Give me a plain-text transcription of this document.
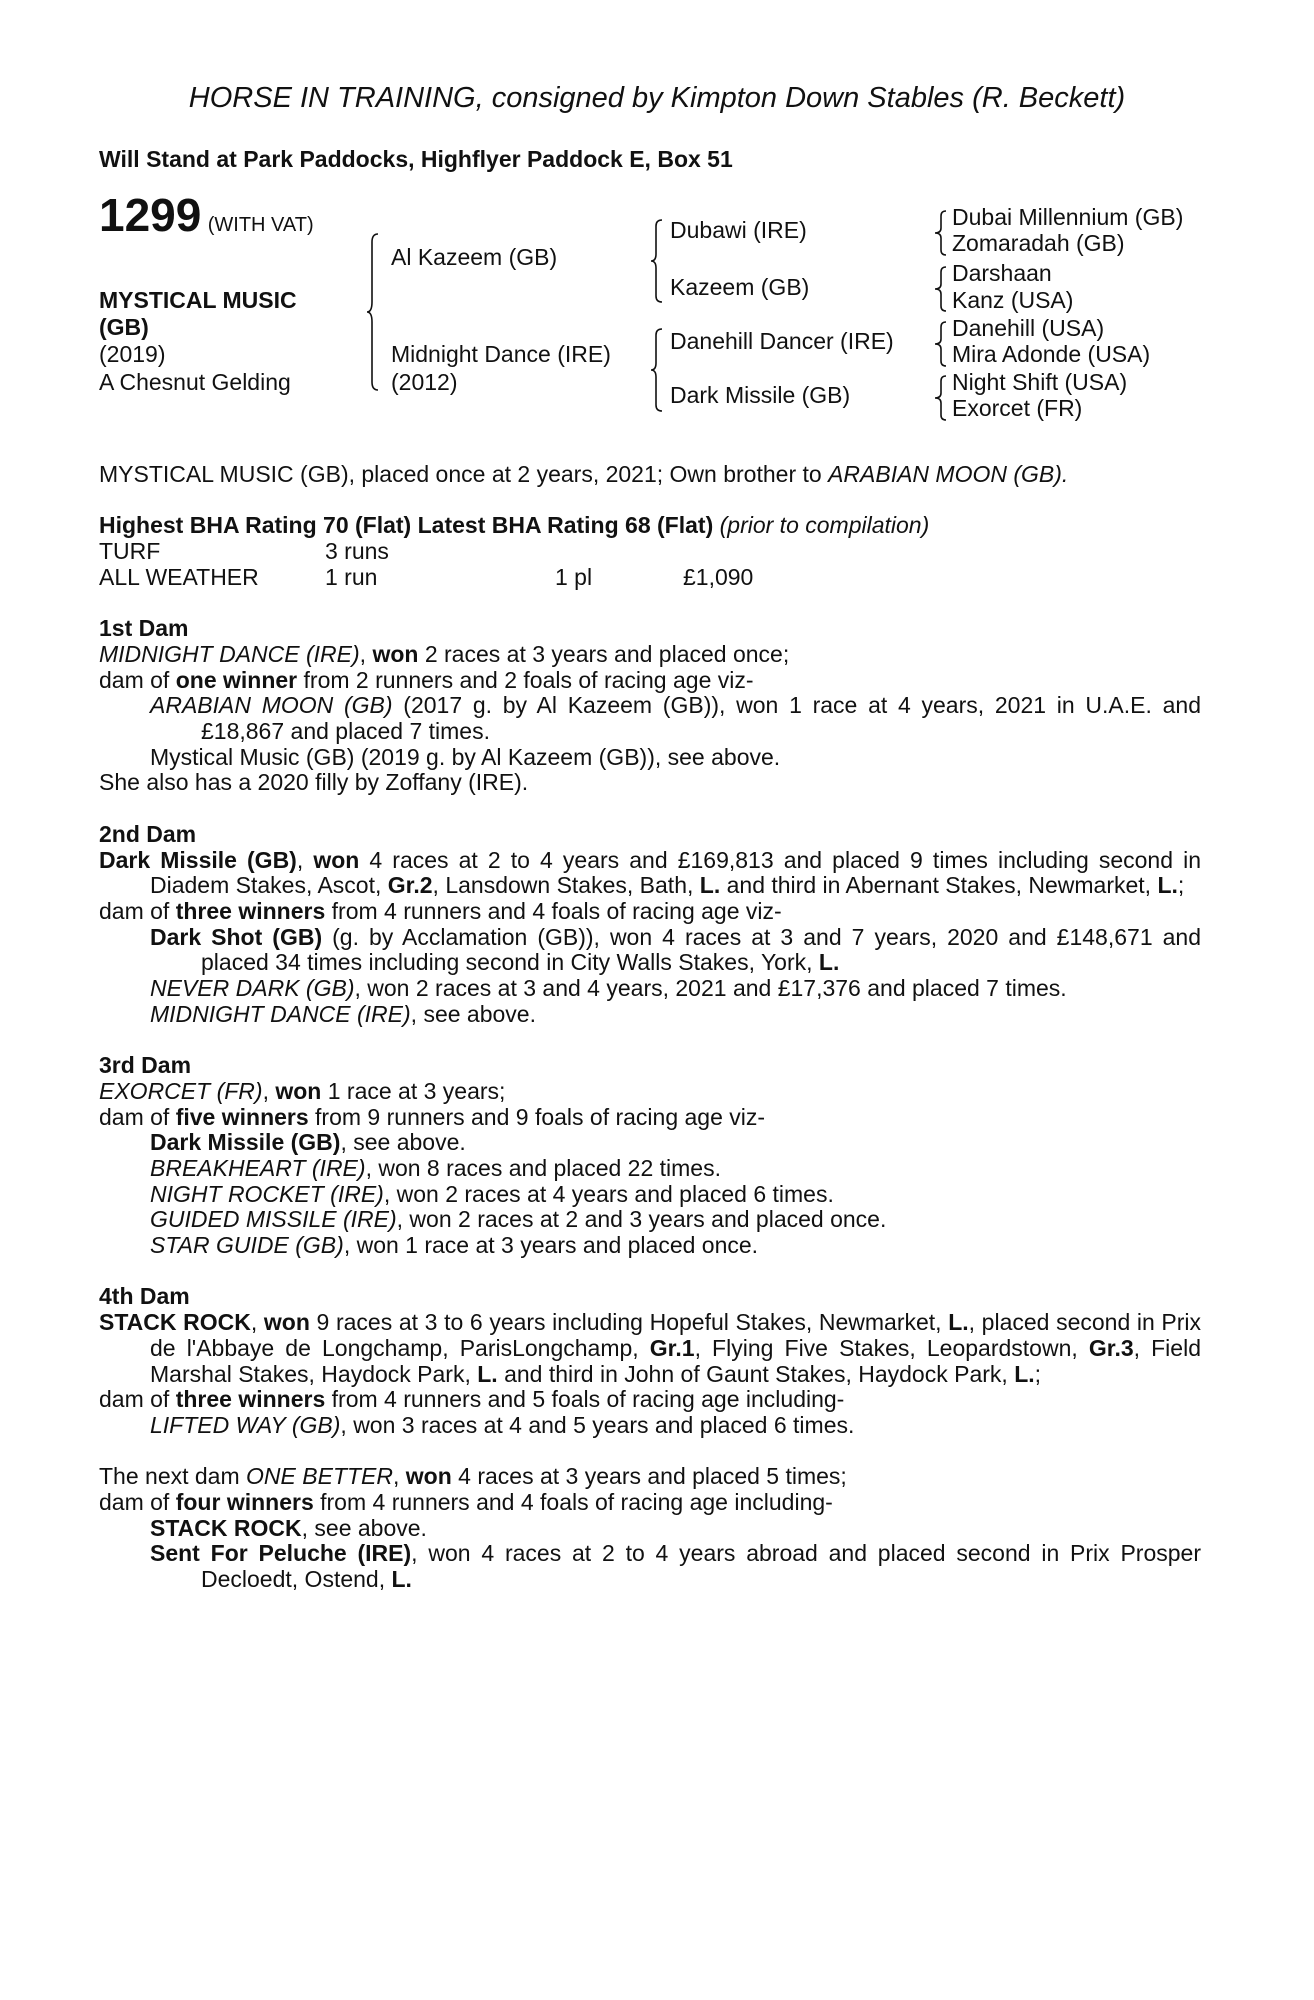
HORSE IN TRAINING, consigned by Kimpton Down Stables (R. Beckett)
Will Stand at Park Paddocks, Highflyer Paddock E, Box 51
1299 (WITH VAT)
MYSTICAL MUSIC
(GB)
(2019)
A Chesnut Gelding
Al Kazeem (GB)
Midnight Dance (IRE)
(2012)
Dubawi (IRE)
Kazeem (GB)
Danehill Dancer (IRE)
Dark Missile (GB)
Dubai Millennium (GB)
Zomaradah (GB)
Darshaan
Kanz (USA)
Danehill (USA)
Mira Adonde (USA)
Night Shift (USA)
Exorcet (FR)
MYSTICAL MUSIC (GB), placed once at 2 years, 2021; Own brother to ARABIAN MOON (GB).
Highest BHA Rating 70 (Flat) Latest BHA Rating 68 (Flat) (prior to compilation)
TURF	3 runs

ALL WEATHER	1 run	1 pl	£1,090
1st Dam
MIDNIGHT DANCE (IRE), won 2 races at 3 years and placed once;
dam of one winner from 2 runners and 2 foals of racing age viz-
ARABIAN MOON (GB) (2017 g. by Al Kazeem (GB)), won 1 race at 4 years, 2021 in U.A.E. and £18,867 and placed 7 times.
Mystical Music (GB) (2019 g. by Al Kazeem (GB)), see above.
She also has a 2020 filly by Zoffany (IRE).
2nd Dam
Dark Missile (GB), won 4 races at 2 to 4 years and £169,813 and placed 9 times including second in Diadem Stakes, Ascot, Gr.2, Lansdown Stakes, Bath, L. and third in Abernant Stakes, Newmarket, L.;
dam of three winners from 4 runners and 4 foals of racing age viz-
Dark Shot (GB) (g. by Acclamation (GB)), won 4 races at 3 and 7 years, 2020 and £148,671 and placed 34 times including second in City Walls Stakes, York, L.
NEVER DARK (GB), won 2 races at 3 and 4 years, 2021 and £17,376 and placed 7 times.
MIDNIGHT DANCE (IRE), see above.
3rd Dam
EXORCET (FR), won 1 race at 3 years;
dam of five winners from 9 runners and 9 foals of racing age viz-
Dark Missile (GB), see above.
BREAKHEART (IRE), won 8 races and placed 22 times.
NIGHT ROCKET (IRE), won 2 races at 4 years and placed 6 times.
GUIDED MISSILE (IRE), won 2 races at 2 and 3 years and placed once.
STAR GUIDE (GB), won 1 race at 3 years and placed once.
4th Dam
STACK ROCK, won 9 races at 3 to 6 years including Hopeful Stakes, Newmarket, L., placed second in Prix de l'Abbaye de Longchamp, ParisLongchamp, Gr.1, Flying Five Stakes, Leopardstown, Gr.3, Field Marshal Stakes, Haydock Park, L. and third in John of Gaunt Stakes, Haydock Park, L.;
dam of three winners from 4 runners and 5 foals of racing age including-
LIFTED WAY (GB), won 3 races at 4 and 5 years and placed 6 times.
The next dam ONE BETTER, won 4 races at 3 years and placed 5 times;
dam of four winners from 4 runners and 4 foals of racing age including-
STACK ROCK, see above.
Sent For Peluche (IRE), won 4 races at 2 to 4 years abroad and placed second in Prix Prosper Decloedt, Ostend, L.
